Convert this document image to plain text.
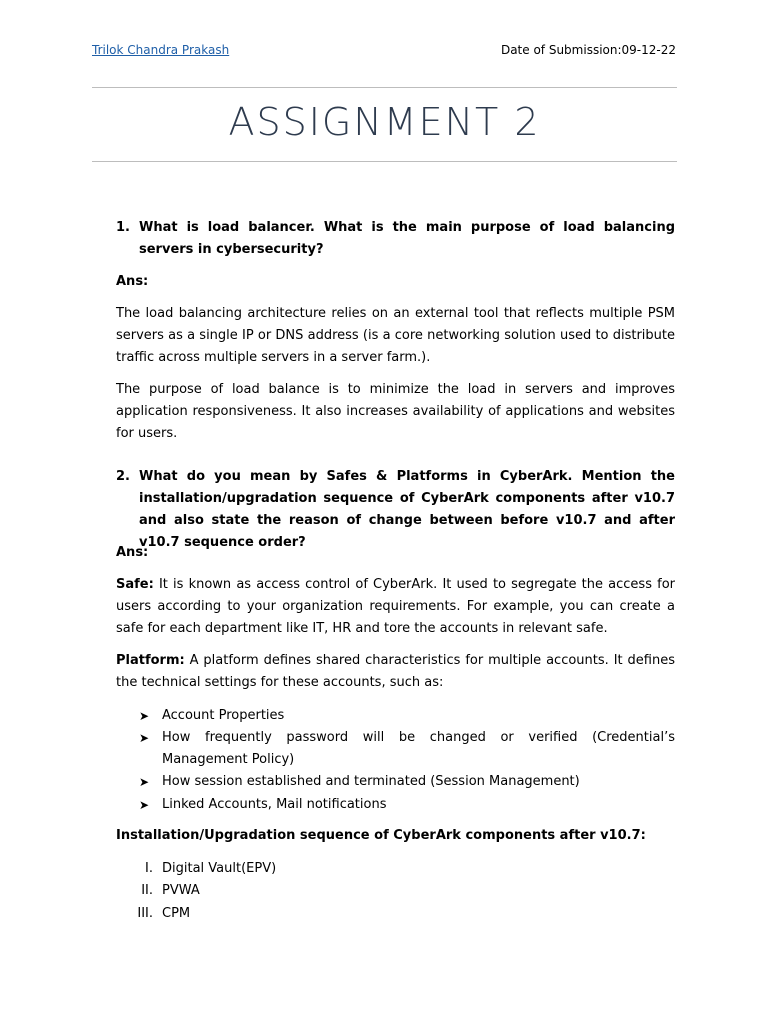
Trilok Chandra Prakash	Date of Submission:09-12-22
ASSIGNMENT 2
1. What is load balancer. What is the main purpose of load balancing servers in cybersecurity?
Ans:
The load balancing architecture relies on an external tool that reflects multiple PSM servers as a single IP or DNS address (is a core networking solution used to distribute traffic across multiple servers in a server farm.).
The purpose of load balance is to minimize the load in servers and improves application responsiveness. It also increases availability of applications and websites for users.
2. What do you mean by Safes & Platforms in CyberArk. Mention the installation/upgradation sequence of CyberArk components after v10.7 and also state the reason of change between before v10.7 and after v10.7 sequence order?
Ans:
Safe: It is known as access control of CyberArk. It used to segregate the access for users according to your organization requirements. For example, you can create a safe for each department like IT, HR and tore the accounts in relevant safe.
Platform: A platform defines shared characteristics for multiple accounts. It defines the technical settings for these accounts, such as:
➤ Account Properties
➤ How frequently password will be changed or verified (Credential’s Management Policy)
➤ How session established and terminated (Session Management)
➤ Linked Accounts, Mail notifications
Installation/Upgradation sequence of CyberArk components after v10.7:
I. Digital Vault(EPV)
II. PVWA
III. CPM
